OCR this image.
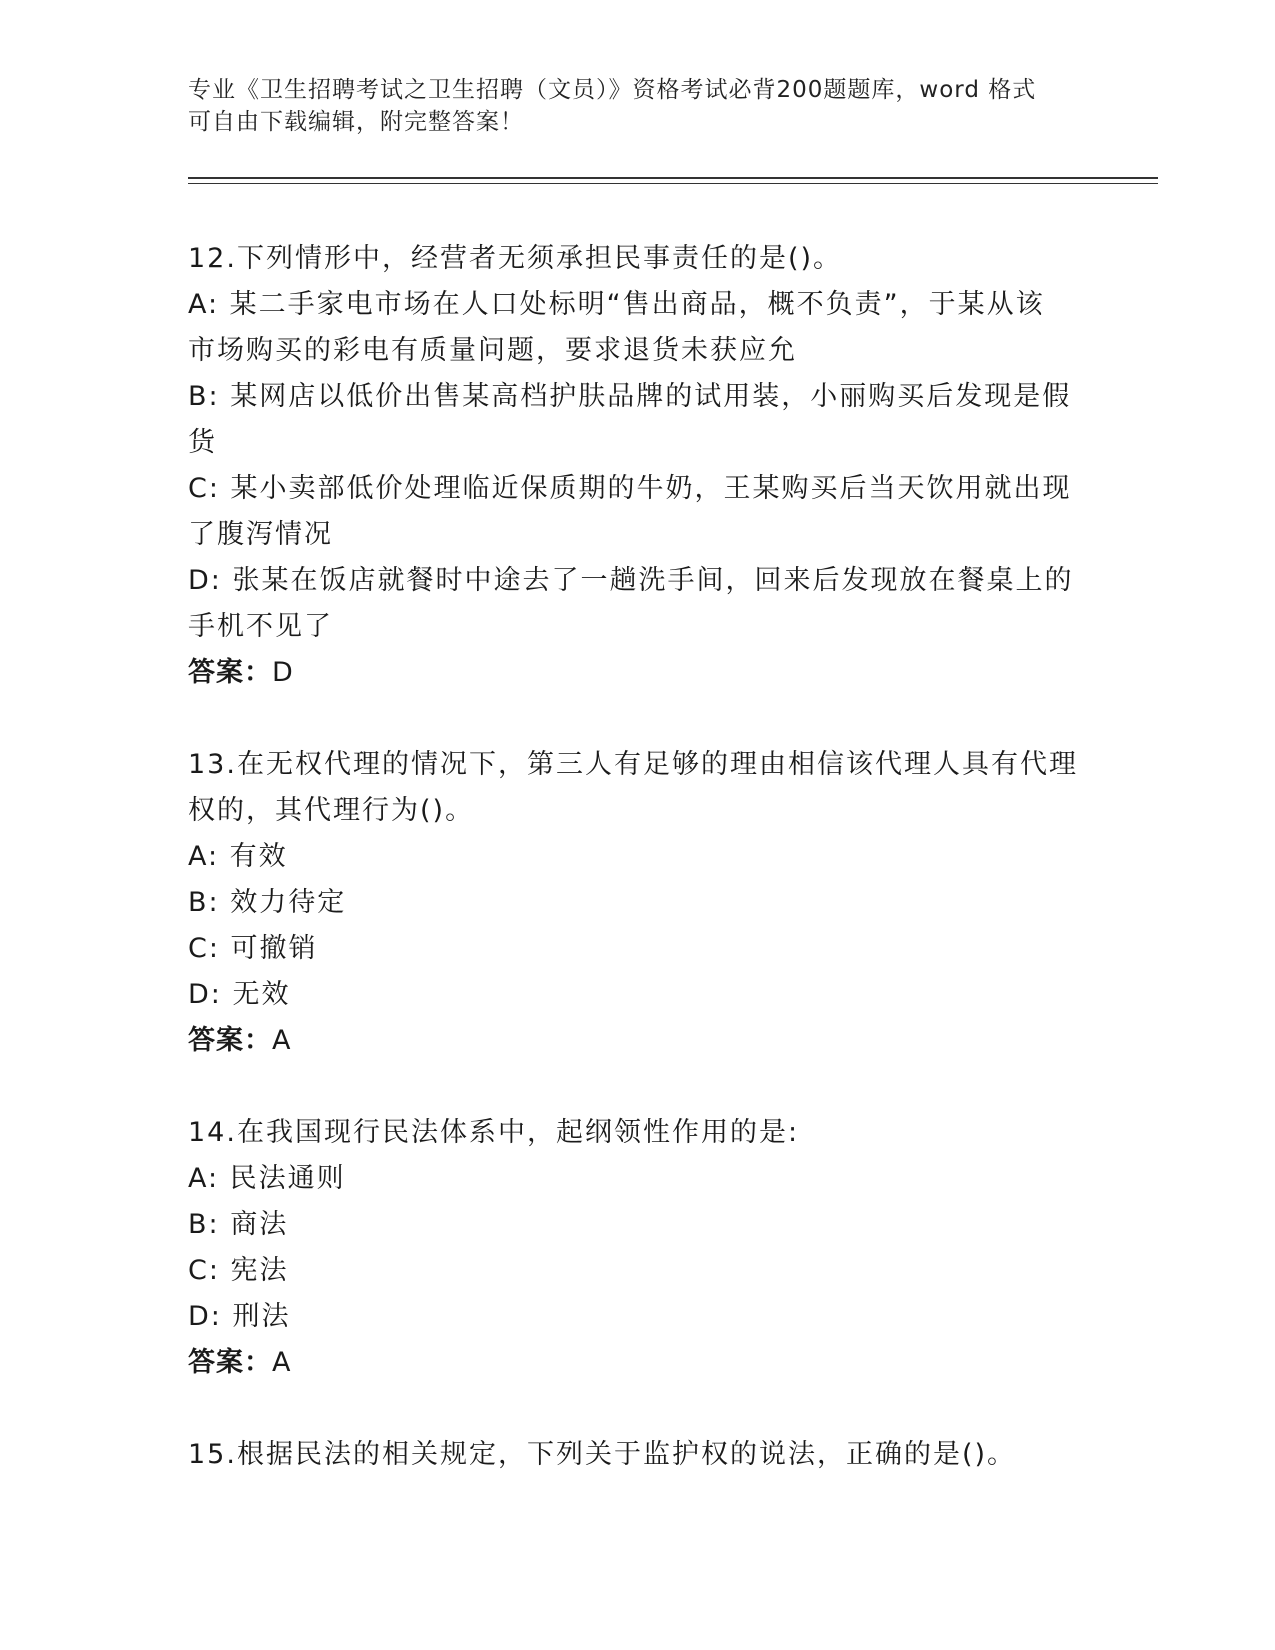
专业《卫生招聘考试之卫生招聘（文员）》资格考试必背200题题库，word 格式
可自由下载编辑，附完整答案！

12.下列情形中，经营者无须承担民事责任的是()。

A: 某二手家电市场在人口处标明“售出商品，概不负责”，于某从该

市场购买的彩电有质量问题，要求退货未获应允

B: 某网店以低价出售某高档护肤品牌的试用装，小丽购买后发现是假

货

C: 某小卖部低价处理临近保质期的牛奶，王某购买后当天饮用就出现

了腹泻情况

D: 张某在饭店就餐时中途去了一趟洗手间，回来后发现放在餐桌上的

手机不见了

答案：D

13.在无权代理的情况下，第三人有足够的理由相信该代理人具有代理

权的，其代理行为()。

A: 有效

B: 效力待定

C: 可撤销

D: 无效

答案：A

14.在我国现行民法体系中，起纲领性作用的是:

A: 民法通则

B: 商法

C: 宪法

D: 刑法

答案：A

15.根据民法的相关规定，下列关于监护权的说法，正确的是()。
